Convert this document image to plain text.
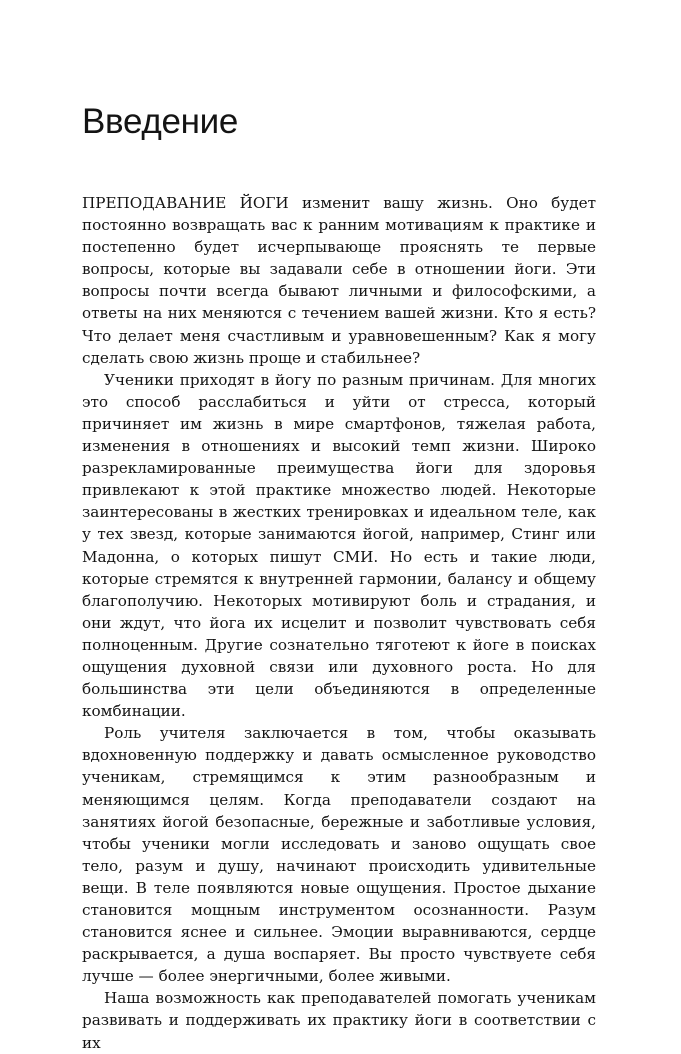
Введение

ПРЕПОДАВАНИЕ ЙОГИ изменит вашу жизнь. Оно будет постоянно возвращать вас к ранним мотивациям к практике и постепенно будет исчерпывающе прояснять те первые вопросы, которые вы задавали себе в отношении йоги. Эти вопросы почти всегда бывают личными и философскими, а ответы на них меняются с течением вашей жизни. Кто я есть? Что делает меня счастливым и уравновешенным? Как я могу сделать свою жизнь проще и стабильнее?

Ученики приходят в йогу по разным причинам. Для многих это способ расслабиться и уйти от стресса, который причиняет им жизнь в мире смартфонов, тяжелая работа, изменения в отношениях и высокий темп жизни. Широко разрекламированные преимущества йоги для здоровья привлекают к этой практике множество людей. Некоторые заинтересованы в жестких тренировках и идеальном теле, как у тех звезд, которые занимаются йогой, например, Стинг или Мадонна, о которых пишут СМИ. Но есть и такие люди, которые стремятся к внутренней гармонии, балансу и общему благополучию. Некоторых мотивируют боль и страдания, и они ждут, что йога их исцелит и позволит чувствовать себя полноценным. Другие сознательно тяготеют к йоге в поисках ощущения духовной связи или духовного роста. Но для большинства эти цели объединяются в определенные комбинации.

Роль учителя заключается в том, чтобы оказывать вдохновенную поддержку и давать осмысленное руководство ученикам, стремящимся к этим разнообразным и меняющимся целям. Когда преподаватели создают на занятиях йогой безопасные, бережные и заботливые условия, чтобы ученики могли исследовать и заново ощущать свое тело, разум и душу, начинают происходить удивительные вещи. В теле появляются новые ощущения. Простое дыхание становится мощным инструментом осознанности. Разум становится яснее и сильнее. Эмоции выравниваются, сердце раскрывается, а душа воспаряет. Вы просто чувствуете себя лучше — более энергичными, более живыми.

Наша возможность как преподавателей помогать ученикам развивать и поддерживать их практику йоги в соответствии с их
